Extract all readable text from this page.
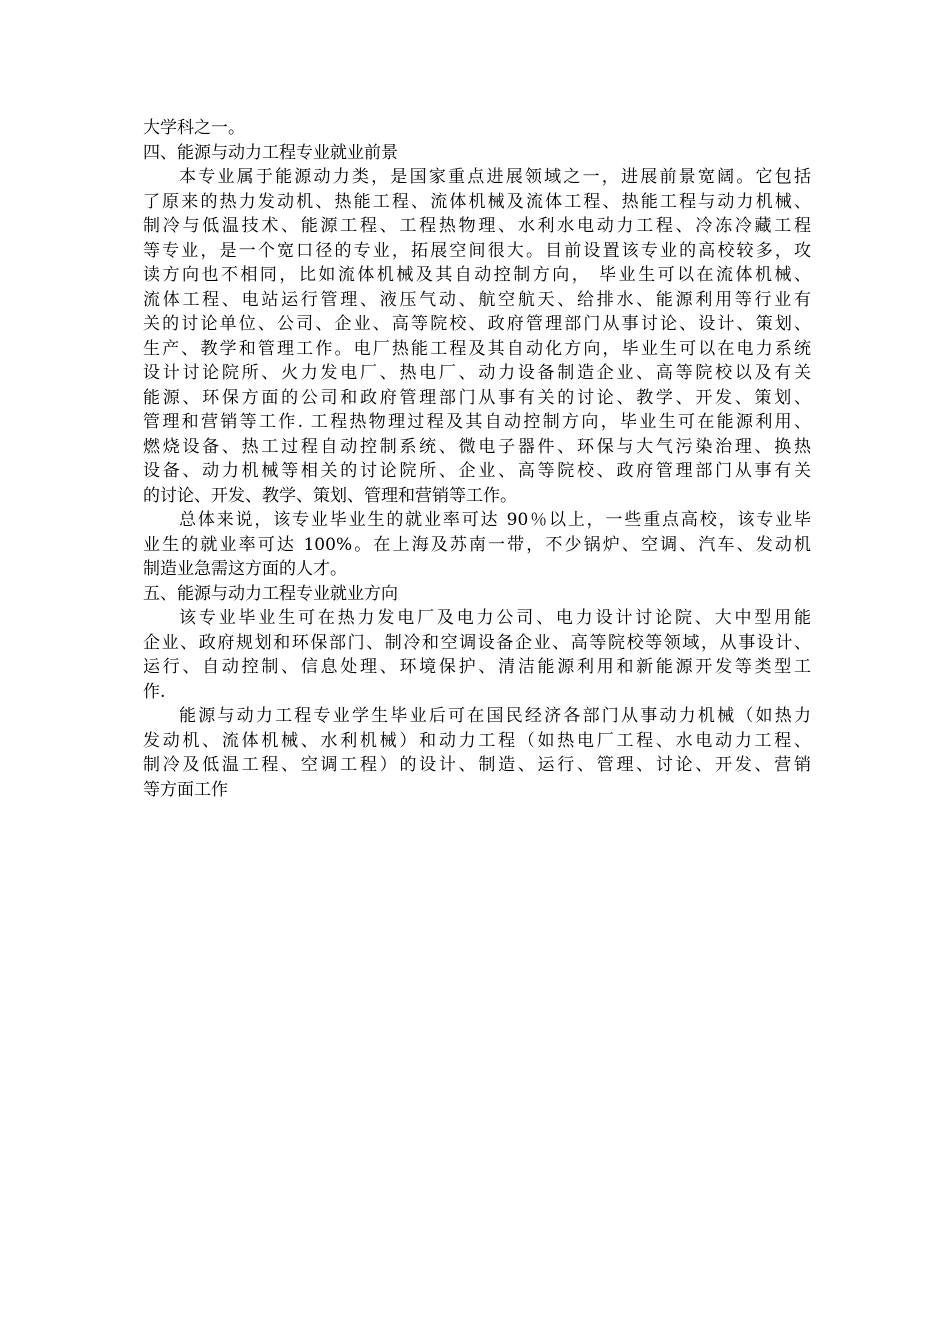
大学科之一。
四、能源与动力工程专业就业前景
本专业属于能源动力类，是国家重点进展领域之一，进展前景宽阔。它包括
了原来的热力发动机、热能工程、流体机械及流体工程、热能工程与动力机械、
制冷与低温技术、能源工程、工程热物理、水利水电动力工程、冷冻冷藏工程
等专业，是一个宽口径的专业，拓展空间很大。目前设置该专业的高校较多，攻
读方向也不相同，比如流体机械及其自动控制方向， 毕业生可以在流体机械、
流体工程、电站运行管理、液压气动、航空航天、给排水、能源利用等行业有
关的讨论单位、公司、企业、高等院校、政府管理部门从事讨论、设计、策划、
生产、教学和管理工作。电厂热能工程及其自动化方向，毕业生可以在电力系统
设计讨论院所、火力发电厂、热电厂、动力设备制造企业、高等院校以及有关
能源、环保方面的公司和政府管理部门从事有关的讨论、教学、开发、策划、
管理和营销等工作. 工程热物理过程及其自动控制方向，毕业生可在能源利用、
燃烧设备、热工过程自动控制系统、微电子器件、环保与大气污染治理、换热
设备、动力机械等相关的讨论院所、企业、高等院校、政府管理部门从事有关
的讨论、开发、教学、策划、管理和营销等工作。
总体来说，该专业毕业生的就业率可达 90％以上，一些重点高校，该专业毕
业生的就业率可达 100%。在上海及苏南一带，不少锅炉、空调、汽车、发动机
制造业急需这方面的人才。
五、能源与动力工程专业就业方向
该专业毕业生可在热力发电厂及电力公司、电力设计讨论院、大中型用能
企业、政府规划和环保部门、制冷和空调设备企业、高等院校等领域，从事设计、
运行、自动控制、信息处理、环境保护、清洁能源利用和新能源开发等类型工
作.
能源与动力工程专业学生毕业后可在国民经济各部门从事动力机械（如热力
发动机、流体机械、水利机械）和动力工程（如热电厂工程、水电动力工程、
制冷及低温工程、空调工程）的设计、制造、运行、管理、讨论、开发、营销
等方面工作
